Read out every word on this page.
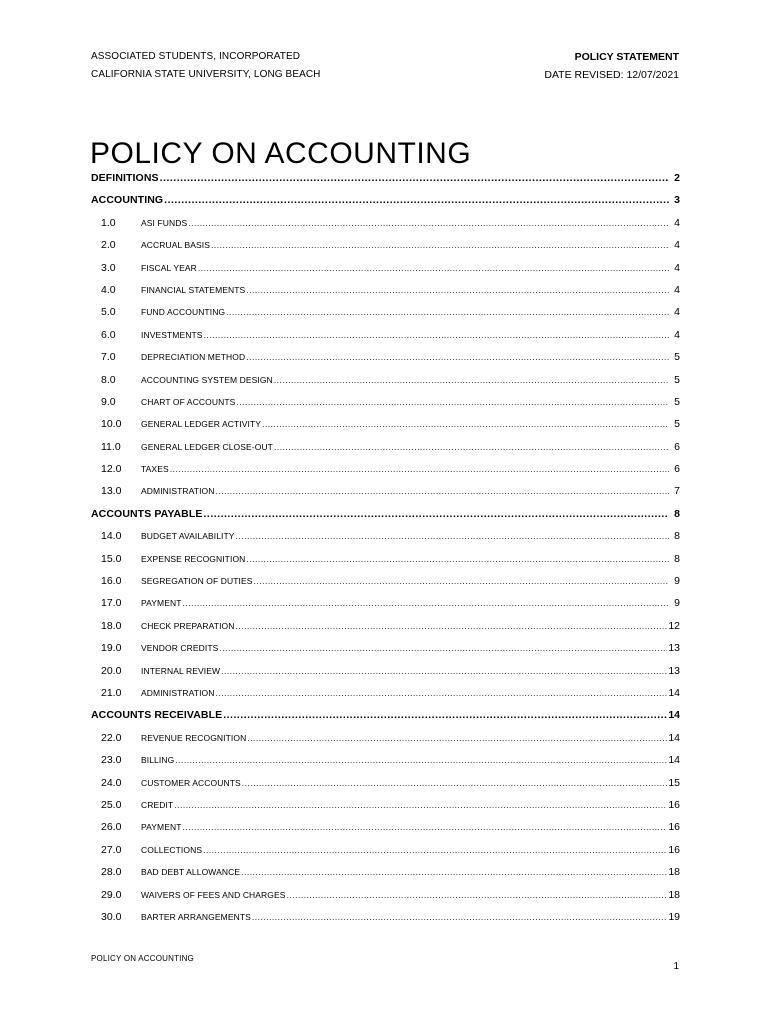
ASSOCIATED STUDENTS, INCORPORATED
CALIFORNIA STATE UNIVERSITY, LONG BEACH
POLICY STATEMENT
DATE REVISED: 12/07/2021
POLICY ON ACCOUNTING
DEFINITIONS .....	2
ACCOUNTING .....	3
1.0	ASI FUNDS .....	4
2.0	ACCRUAL BASIS .....	4
3.0	FISCAL YEAR .....	4
4.0	FINANCIAL STATEMENTS .....	4
5.0	FUND ACCOUNTING .....	4
6.0	INVESTMENTS .....	4
7.0	DEPRECIATION METHOD .....	5
8.0	ACCOUNTING SYSTEM DESIGN .....	5
9.0	CHART OF ACCOUNTS .....	5
10.0	GENERAL LEDGER ACTIVITY .....	5
11.0	GENERAL LEDGER CLOSE-OUT .....	6
12.0	TAXES .....	6
13.0	ADMINISTRATION .....	7
ACCOUNTS PAYABLE .....	8
14.0	BUDGET AVAILABILITY .....	8
15.0	EXPENSE RECOGNITION .....	8
16.0	SEGREGATION OF DUTIES .....	9
17.0	PAYMENT .....	9
18.0	CHECK PREPARATION .....	12
19.0	VENDOR CREDITS .....	13
20.0	INTERNAL REVIEW .....	13
21.0	ADMINISTRATION .....	14
ACCOUNTS RECEIVABLE .....	14
22.0	REVENUE RECOGNITION .....	14
23.0	BILLING .....	14
24.0	CUSTOMER ACCOUNTS .....	15
25.0	CREDIT .....	16
26.0	PAYMENT .....	16
27.0	COLLECTIONS .....	16
28.0	BAD DEBT ALLOWANCE .....	18
29.0	WAIVERS OF FEES AND CHARGES .....	18
30.0	BARTER ARRANGEMENTS .....	19
POLICY ON ACCOUNTING
1
